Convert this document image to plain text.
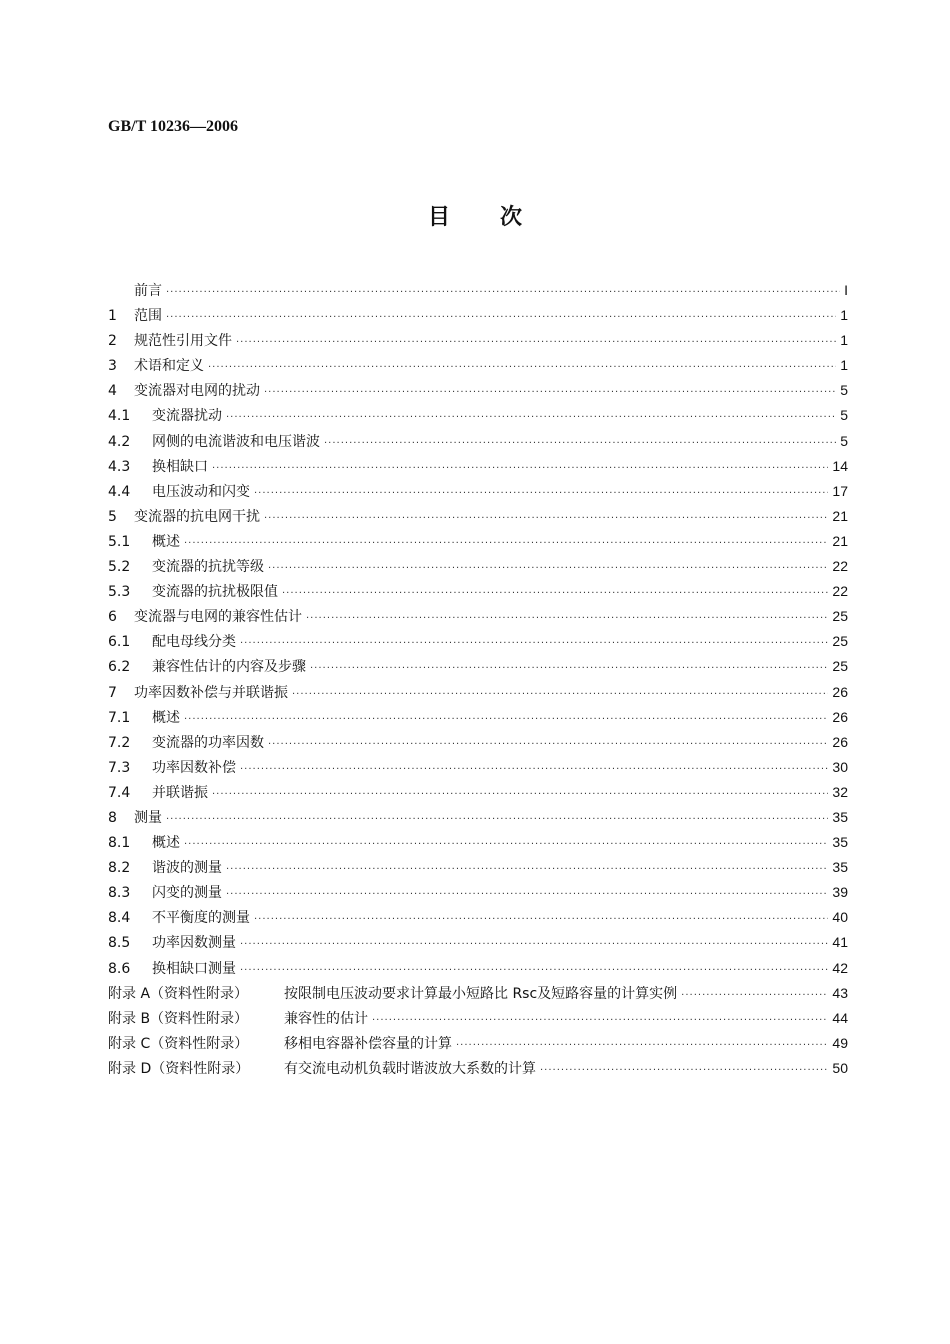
GB/T 10236—2006
目次
前言 ·····	I
1	范围 ·····	1
2	规范性引用文件 ·····	1
3	术语和定义 ·····	1
4	变流器对电网的扰动 ·····	5
4.1	变流器扰动 ·····	5
4.2	网侧的电流谐波和电压谐波 ·····	5
4.3	换相缺口 ·····	14
4.4	电压波动和闪变 ·····	17
5	变流器的抗电网干扰 ·····	21
5.1	概述 ·····	21
5.2	变流器的抗扰等级 ·····	22
5.3	变流器的抗扰极限值 ·····	22
6	变流器与电网的兼容性估计 ·····	25
6.1	配电母线分类 ·····	25
6.2	兼容性估计的内容及步骤 ·····	25
7	功率因数补偿与并联谐振 ·····	26
7.1	概述 ·····	26
7.2	变流器的功率因数 ·····	26
7.3	功率因数补偿 ·····	30
7.4	并联谐振 ·····	32
8	测量 ·····	35
8.1	概述 ·····	35
8.2	谐波的测量 ·····	35
8.3	闪变的测量 ·····	39
8.4	不平衡度的测量 ·····	40
8.5	功率因数测量 ·····	41
8.6	换相缺口测量 ·····	42
附录 A（资料性附录）	按限制电压波动要求计算最小短路比 Rsc及短路容量的计算实例 ·····	43
附录 B（资料性附录）	兼容性的估计 ·····	44
附录 C（资料性附录）	移相电容器补偿容量的计算 ·····	49
附录 D（资料性附录）	有交流电动机负载时谐波放大系数的计算 ·····	50
